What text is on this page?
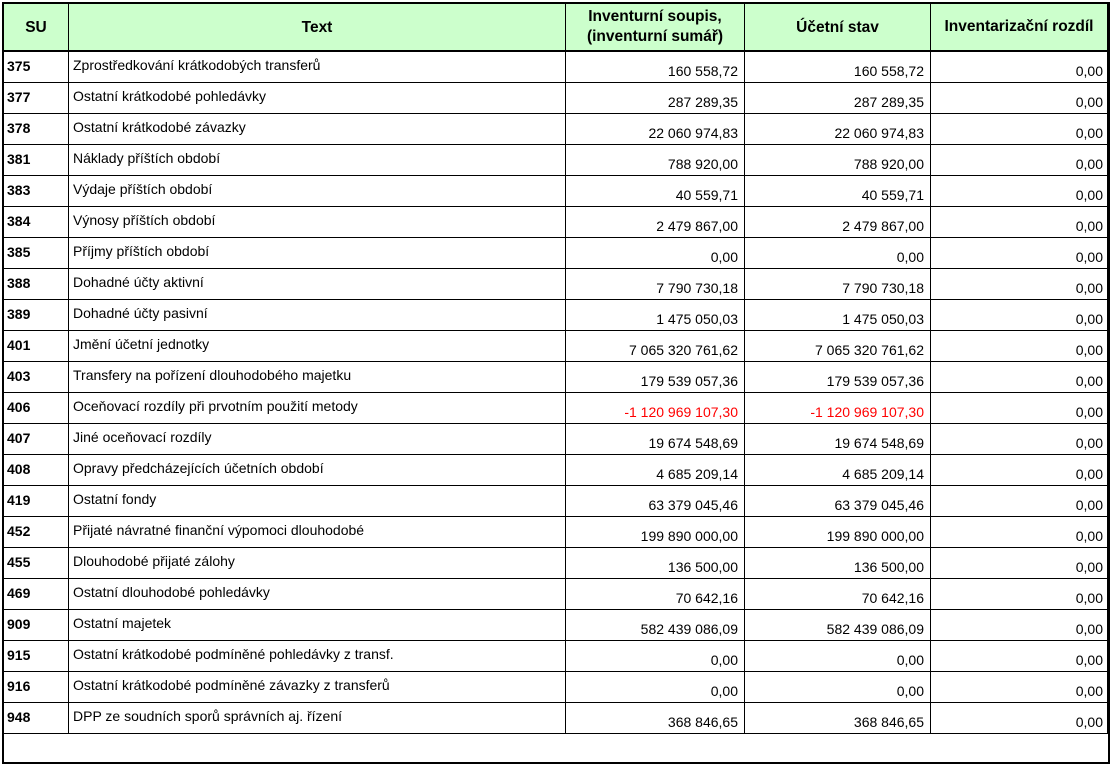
SU	Text	Inventurní soupis, (inventurní sumář)	Účetní stav	Inventarizační rozdíl
375	Zprostředkování krátkodobých transferů	160 558,72	160 558,72	0,00
377	Ostatní krátkodobé pohledávky	287 289,35	287 289,35	0,00
378	Ostatní krátkodobé závazky	22 060 974,83	22 060 974,83	0,00
381	Náklady příštích období	788 920,00	788 920,00	0,00
383	Výdaje příštích období	40 559,71	40 559,71	0,00
384	Výnosy příštích období	2 479 867,00	2 479 867,00	0,00
385	Příjmy příštích období	0,00	0,00	0,00
388	Dohadné účty aktivní	7 790 730,18	7 790 730,18	0,00
389	Dohadné účty pasivní	1 475 050,03	1 475 050,03	0,00
401	Jmění účetní jednotky	7 065 320 761,62	7 065 320 761,62	0,00
403	Transfery na pořízení dlouhodobého majetku	179 539 057,36	179 539 057,36	0,00
406	Oceňovací rozdíly při prvotním použití metody	-1 120 969 107,30	-1 120 969 107,30	0,00
407	Jiné oceňovací rozdíly	19 674 548,69	19 674 548,69	0,00
408	Opravy předcházejících účetních období	4 685 209,14	4 685 209,14	0,00
419	Ostatní fondy	63 379 045,46	63 379 045,46	0,00
452	Přijaté návratné finanční výpomoci dlouhodobé	199 890 000,00	199 890 000,00	0,00
455	Dlouhodobé přijaté zálohy	136 500,00	136 500,00	0,00
469	Ostatní dlouhodobé pohledávky	70 642,16	70 642,16	0,00
909	Ostatní majetek	582 439 086,09	582 439 086,09	0,00
915	Ostatní krátkodobé podmíněné pohledávky z transf.	0,00	0,00	0,00
916	Ostatní krátkodobé podmíněné závazky z transferů	0,00	0,00	0,00
948	DPP ze soudních sporů správních aj. řízení	368 846,65	368 846,65	0,00
